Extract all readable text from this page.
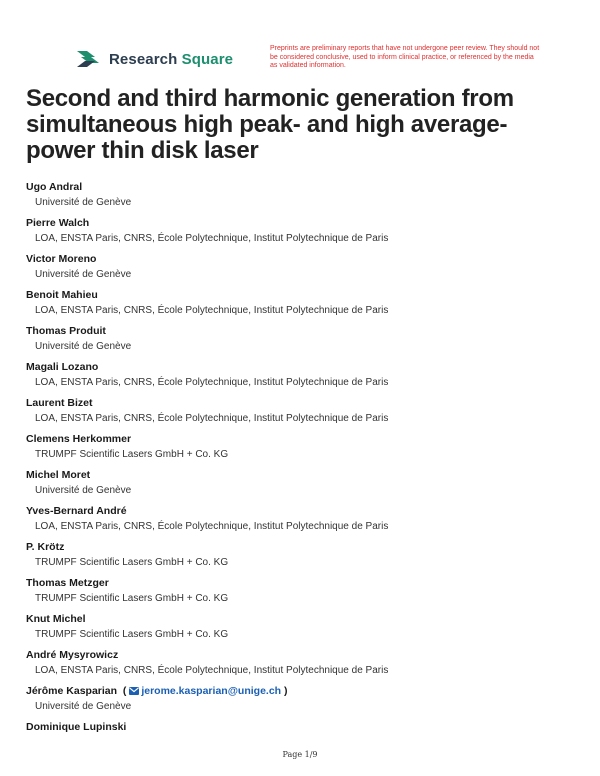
Research Square
Preprints are preliminary reports that have not undergone peer review. They should not be considered conclusive, used to inform clinical practice, or referenced by the media as validated information.
Second and third harmonic generation from simultaneous high peak- and high average-power thin disk laser
Ugo Andral
Université de Genève
Pierre Walch
LOA, ENSTA Paris, CNRS, École Polytechnique, Institut Polytechnique de Paris
Victor Moreno
Université de Genève
Benoit Mahieu
LOA, ENSTA Paris, CNRS, École Polytechnique, Institut Polytechnique de Paris
Thomas Produit
Université de Genève
Magali Lozano
LOA, ENSTA Paris, CNRS, École Polytechnique, Institut Polytechnique de Paris
Laurent Bizet
LOA, ENSTA Paris, CNRS, École Polytechnique, Institut Polytechnique de Paris
Clemens Herkommer
TRUMPF Scientific Lasers GmbH + Co. KG
Michel Moret
Université de Genève
Yves-Bernard André
LOA, ENSTA Paris, CNRS, École Polytechnique, Institut Polytechnique de Paris
P. Krötz
TRUMPF Scientific Lasers GmbH + Co. KG
Thomas Metzger
TRUMPF Scientific Lasers GmbH + Co. KG
Knut Michel
TRUMPF Scientific Lasers GmbH + Co. KG
André Mysyrowicz
LOA, ENSTA Paris, CNRS, École Polytechnique, Institut Polytechnique de Paris
Jérôme Kasparian  ( jerome.kasparian@unige.ch )
Université de Genève
Dominique Lupinski
Page 1/9
